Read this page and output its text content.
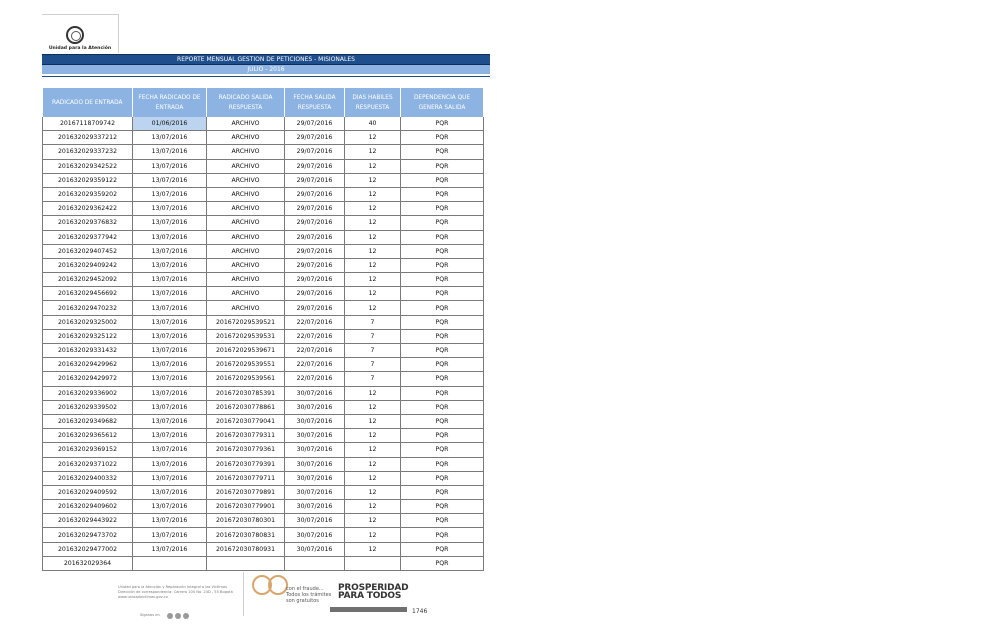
Unidad para la Atención
REPORTE MENSUAL GESTION DE PETICIONES - MISIONALES
JULIO - 2016
RADICADO DE ENTRADA	FECHA RADICADO DE ENTRADA	RADICADO SALIDA RESPUESTA	FECHA SALIDA RESPUESTA	DIAS HABILES RESPUESTA	DEPENDENCIA QUE GENERA SALIDA
20167118709742	01/06/2016	ARCHIVO	29/07/2016	40	PQR
201632029337212	13/07/2016	ARCHIVO	29/07/2016	12	PQR
201632029337232	13/07/2016	ARCHIVO	29/07/2016	12	PQR
201632029342522	13/07/2016	ARCHIVO	29/07/2016	12	PQR
201632029359122	13/07/2016	ARCHIVO	29/07/2016	12	PQR
201632029359202	13/07/2016	ARCHIVO	29/07/2016	12	PQR
201632029362422	13/07/2016	ARCHIVO	29/07/2016	12	PQR
201632029376832	13/07/2016	ARCHIVO	29/07/2016	12	PQR
201632029377942	13/07/2016	ARCHIVO	29/07/2016	12	PQR
201632029407452	13/07/2016	ARCHIVO	29/07/2016	12	PQR
201632029409242	13/07/2016	ARCHIVO	29/07/2016	12	PQR
201632029452092	13/07/2016	ARCHIVO	29/07/2016	12	PQR
201632029456692	13/07/2016	ARCHIVO	29/07/2016	12	PQR
201632029470232	13/07/2016	ARCHIVO	29/07/2016	12	PQR
201632029325002	13/07/2016	201672029539521	22/07/2016	7	PQR
201632029325122	13/07/2016	201672029539531	22/07/2016	7	PQR
201632029331432	13/07/2016	201672029539671	22/07/2016	7	PQR
201632029429962	13/07/2016	201672029539551	22/07/2016	7	PQR
201632029429972	13/07/2016	201672029539561	22/07/2016	7	PQR
201632029336902	13/07/2016	201672030785391	30/07/2016	12	PQR
201632029339502	13/07/2016	201672030778861	30/07/2016	12	PQR
201632029349682	13/07/2016	201672030779041	30/07/2016	12	PQR
201632029365612	13/07/2016	201672030779311	30/07/2016	12	PQR
201632029369152	13/07/2016	201672030779361	30/07/2016	12	PQR
201632029371022	13/07/2016	201672030779391	30/07/2016	12	PQR
201632029400332	13/07/2016	201672030779711	30/07/2016	12	PQR
201632029409592	13/07/2016	201672030779891	30/07/2016	12	PQR
201632029409602	13/07/2016	201672030779901	30/07/2016	12	PQR
201632029443922	13/07/2016	201672030780301	30/07/2016	12	PQR
201632029473702	13/07/2016	201672030780831	30/07/2016	12	PQR
201632029477002	13/07/2016	201672030780931	30/07/2016	12	PQR
201632029364					PQR
Unidad para la Atención y Reparación Integral a las Víctimas
Dirección de correspondencia: Carrera 100 No. 24D - 55 Bogotá
www.unidadvictimas.gov.co
Síganos en
con el fraude...
Todos los trámites
son gratuitos
PROSPERIDAD
PARA TODOS
1746
